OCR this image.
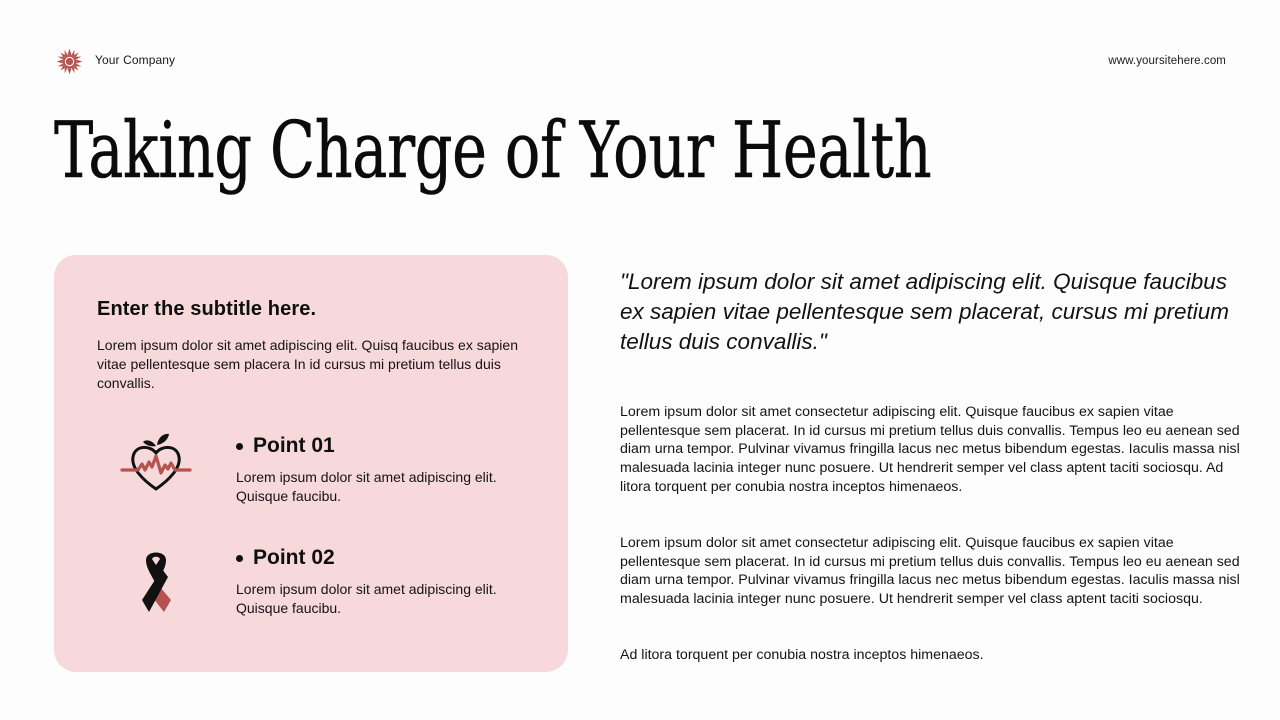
Your Company	www.yoursitehere.com
Taking Charge of Your Health
Enter the subtitle here.
Lorem ipsum dolor sit amet adipiscing elit. Quisq faucibus ex sapien vitae pellentesque sem placera In id cursus mi pretium tellus duis convallis.
Point 01
Lorem ipsum dolor sit amet adipiscing elit. Quisque faucibu.
Point 02
Lorem ipsum dolor sit amet adipiscing elit. Quisque faucibu.
"Lorem ipsum dolor sit amet adipiscing elit. Quisque faucibus ex sapien vitae pellentesque sem placerat, cursus mi pretium tellus duis convallis."
Lorem ipsum dolor sit amet consectetur adipiscing elit. Quisque faucibus ex sapien vitae pellentesque sem placerat. In id cursus mi pretium tellus duis convallis. Tempus leo eu aenean sed diam urna tempor. Pulvinar vivamus fringilla lacus nec metus bibendum egestas. Iaculis massa nisl malesuada lacinia integer nunc posuere. Ut hendrerit semper vel class aptent taciti sociosqu. Ad litora torquent per conubia nostra inceptos himenaeos.
Lorem ipsum dolor sit amet consectetur adipiscing elit. Quisque faucibus ex sapien vitae pellentesque sem placerat. In id cursus mi pretium tellus duis convallis. Tempus leo eu aenean sed diam urna tempor. Pulvinar vivamus fringilla lacus nec metus bibendum egestas. Iaculis massa nisl malesuada lacinia integer nunc posuere. Ut hendrerit semper vel class aptent taciti sociosqu.
Ad litora torquent per conubia nostra inceptos himenaeos.
